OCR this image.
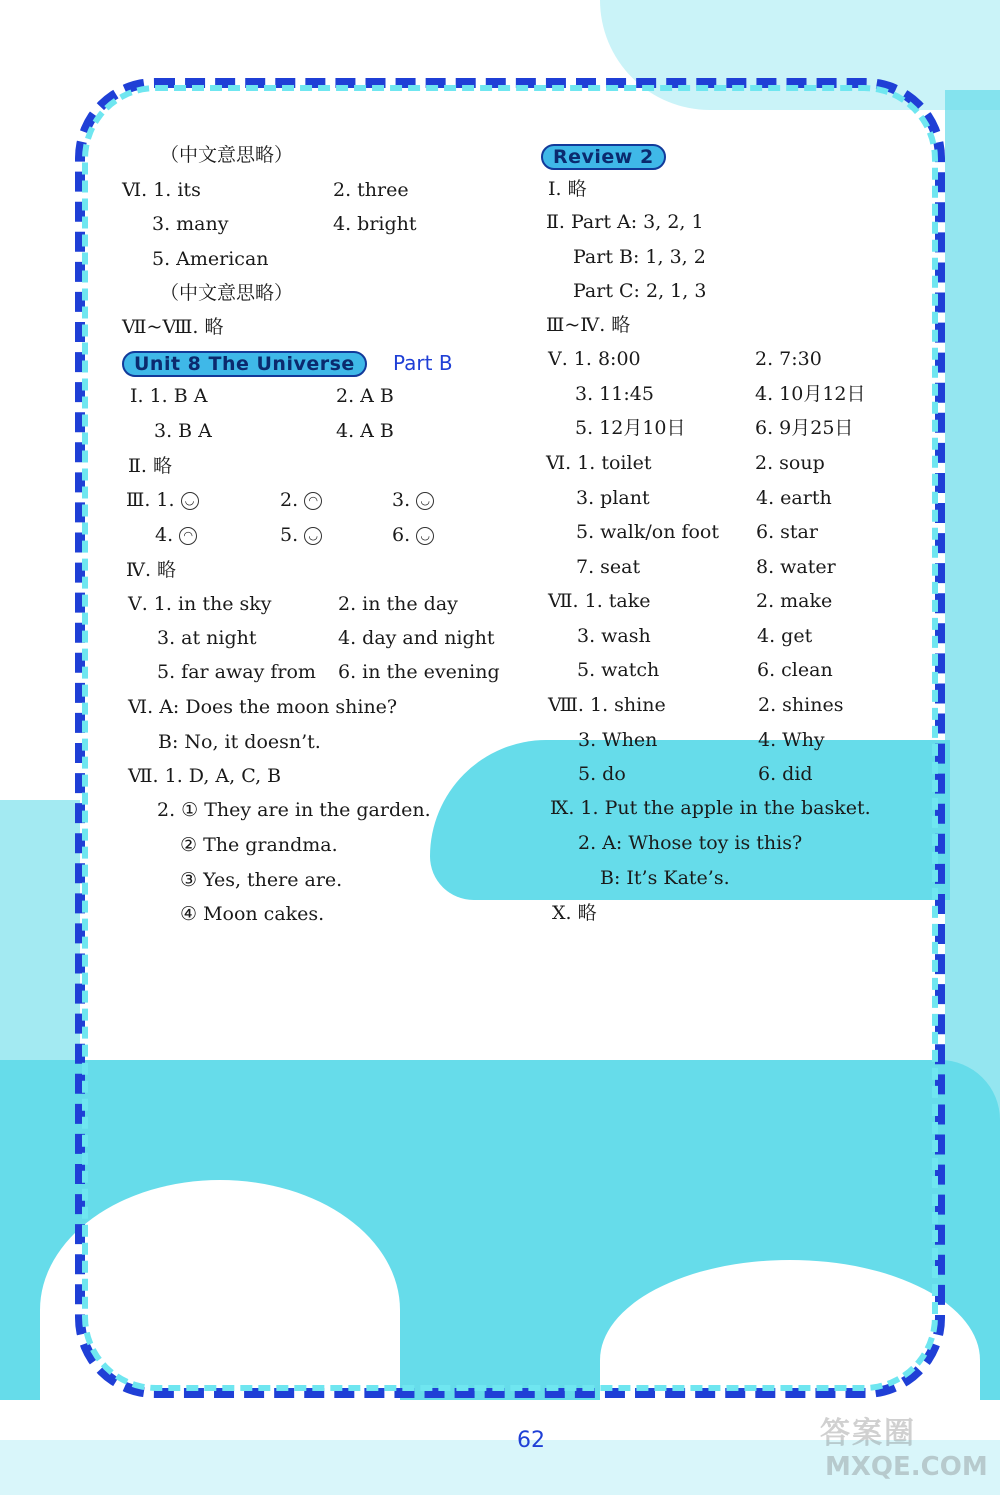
（中文意思略）
Ⅵ. 1. its	2. three
3. many	4. bright
5. American
（中文意思略）
Ⅶ~Ⅷ. 略
Unit 8 The Universe	Part B
Ⅰ. 1. B A	2. A B
3. B A	4. A B
Ⅱ. 略
Ⅲ. 1. ◡	2. ◠	3. ◡
4. ◠	5. ◡	6. ◡
Ⅳ. 略
Ⅴ. 1. in the sky	2. in the day
3. at night	4. day and night
5. far away from 6. in the evening
Ⅵ. A: Does the moon shine?
B: No, it doesn’t.
Ⅶ. 1. D, A, C, B
2. ① They are in the garden.
② The grandma.
③ Yes, there are.
④ Moon cakes.
Review 2
Ⅰ. 略
Ⅱ. Part A: 3, 2, 1
Part B: 1, 3, 2
Part C: 2, 1, 3
Ⅲ~Ⅳ. 略
Ⅴ. 1. 8:00	2. 7:30
3. 11:45	4. 10月12日
5. 12月10日	6. 9月25日
Ⅵ. 1. toilet	2. soup
3. plant	4. earth
5. walk/on foot 6. star
7. seat	8. water
Ⅶ. 1. take	2. make
3. wash	4. get
5. watch	6. clean
Ⅷ. 1. shine	2. shines
3. When	4. Why
5. do	6. did
Ⅸ. 1. Put the apple in the basket.
2. A: Whose toy is this?
B: It’s Kate’s.
Ⅹ. 略
62	答案圈
MXQE.COM
